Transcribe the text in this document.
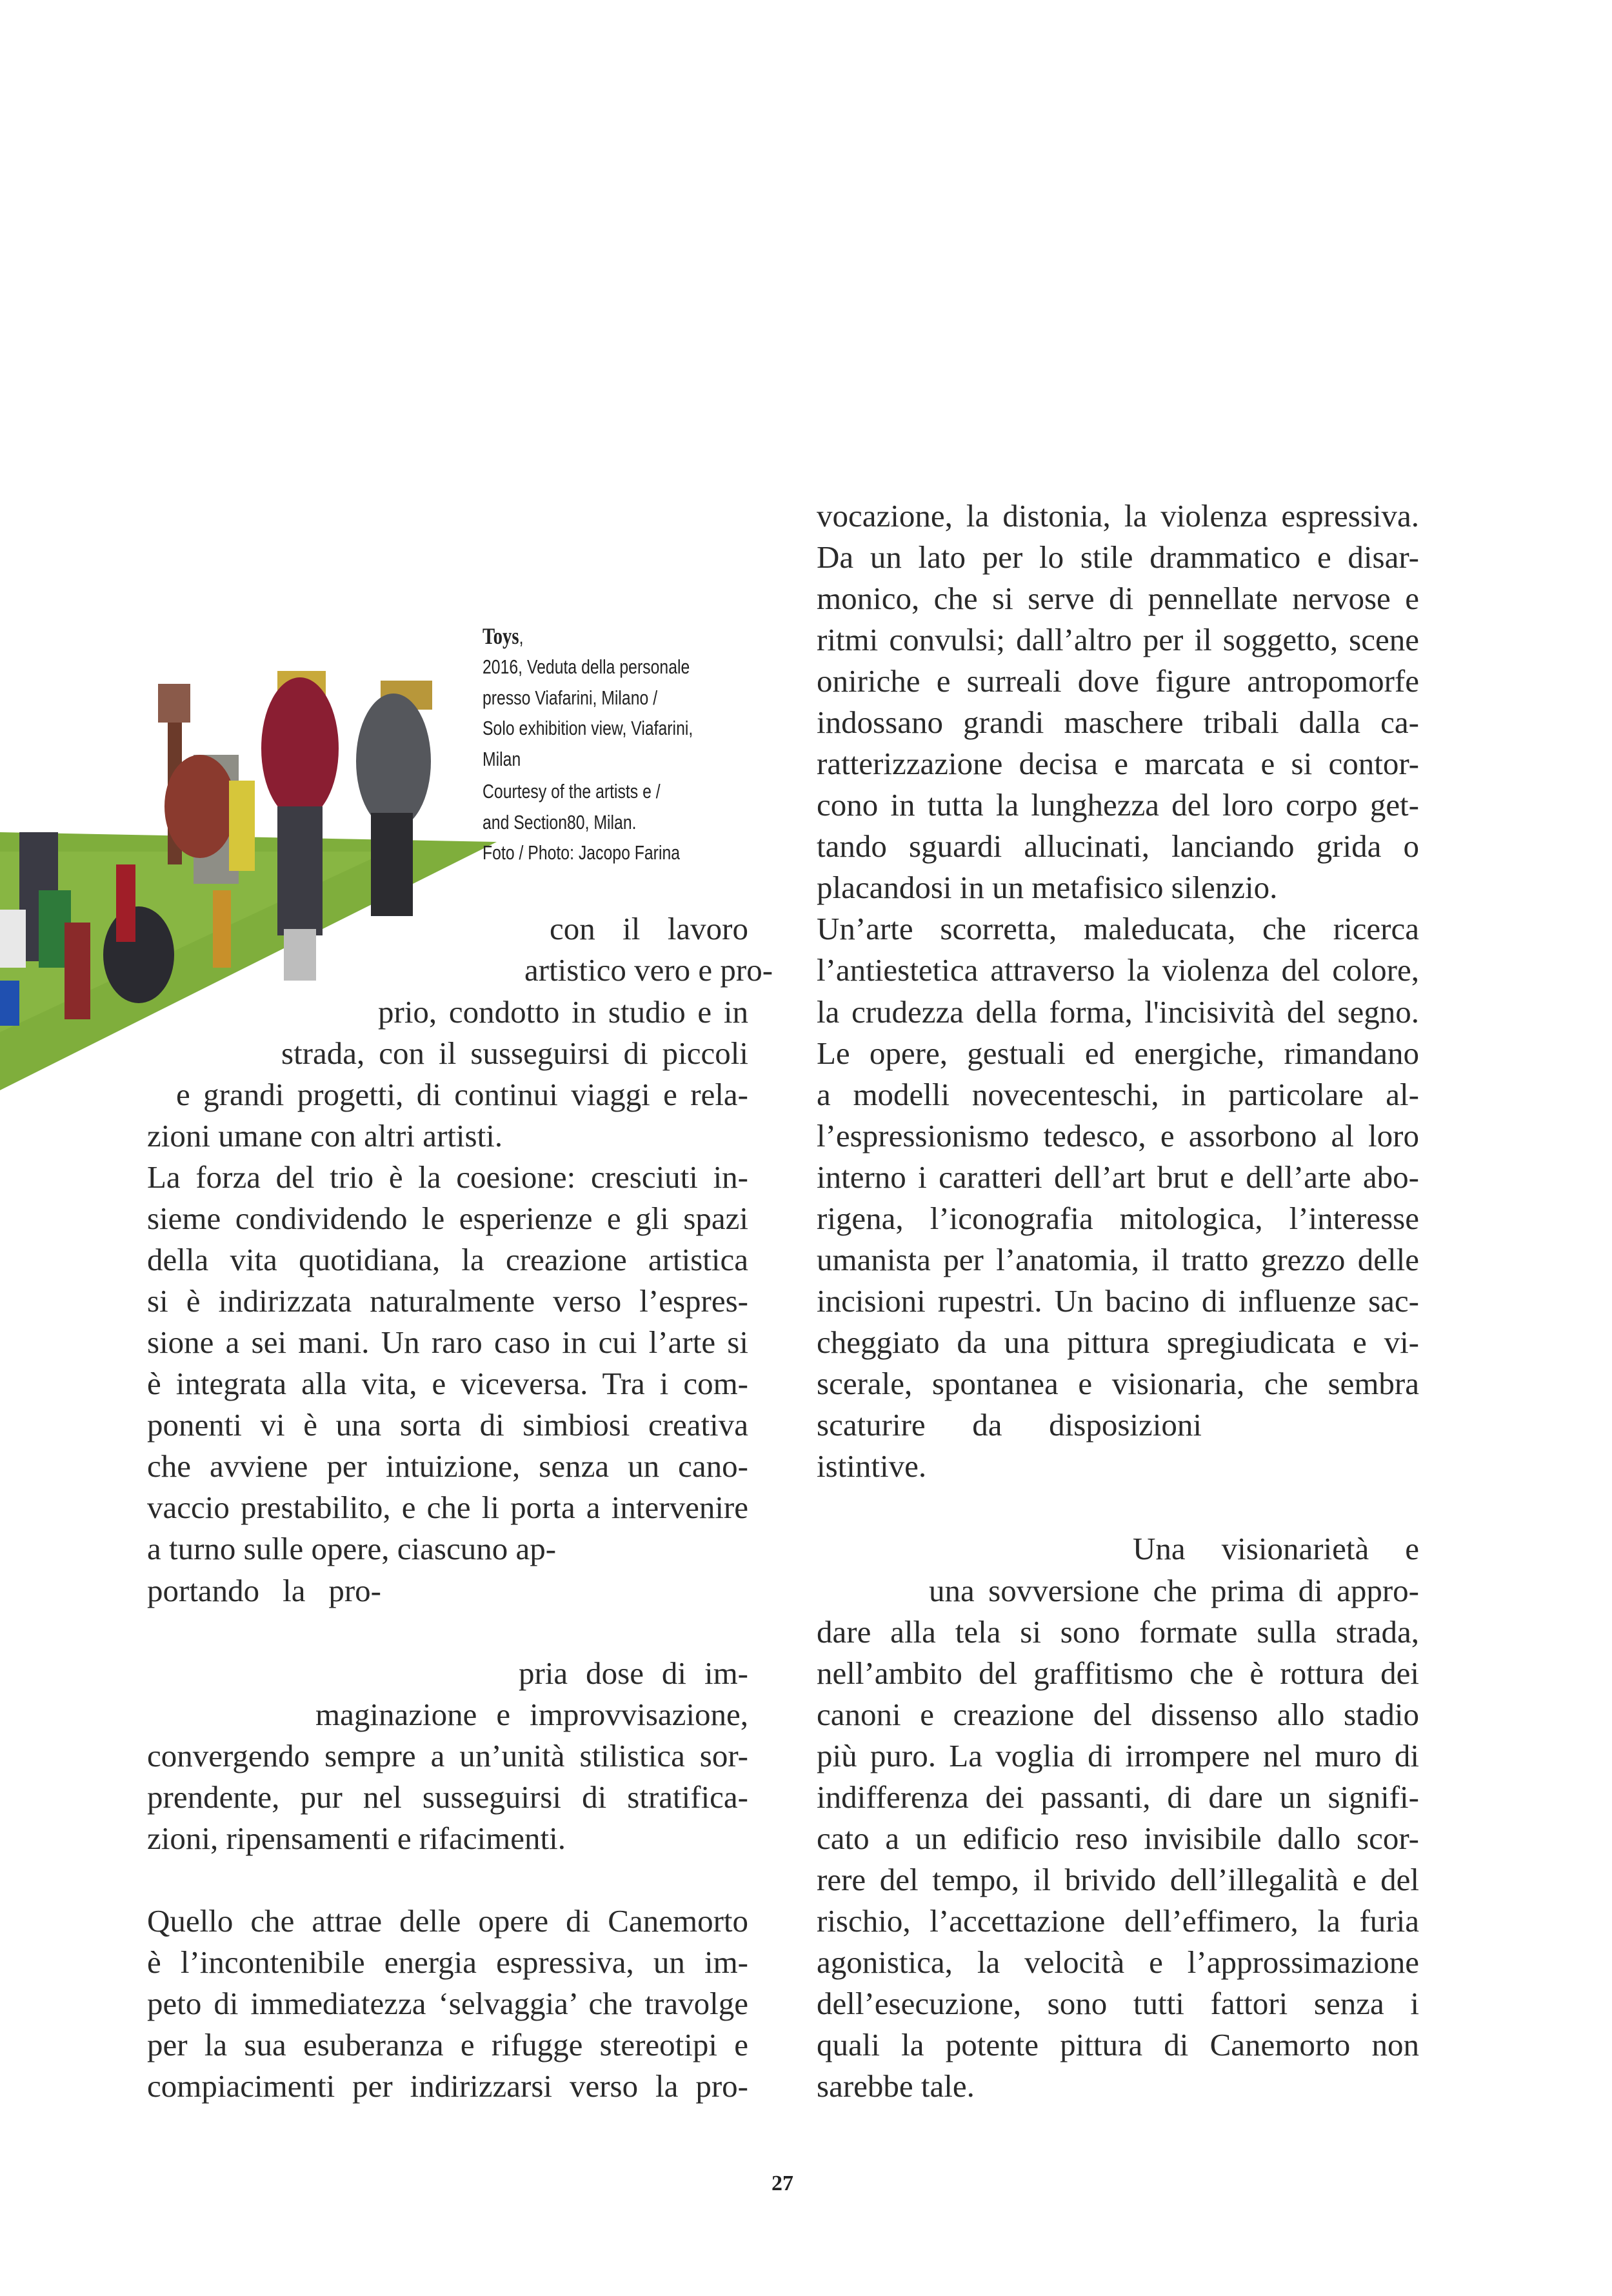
Toys,
2016, Veduta della personale
presso Viafarini, Milano /
Solo exhibition view, Viafarini,
Milan
Courtesy of the artists e /
and Section80, Milan.
Foto / Photo: Jacopo Farina
27
con il lavoro
artistico vero e pro-
prio, condotto in studio e in
strada, con il susseguirsi di piccoli
e grandi progetti, di continui viaggi e rela-
zioni umane con altri artisti.
La forza del trio è la coesione: cresciuti in-
sieme condividendo le esperienze e gli spazi
della vita quotidiana, la creazione artistica
si è indirizzata naturalmente verso l’espres-
sione a sei mani. Un raro caso in cui l’arte si
è integrata alla vita, e viceversa. Tra i com-
ponenti vi è una sorta di simbiosi creativa
che avviene per intuizione, senza un cano-
vaccio prestabilito, e che li porta a intervenire
a turno sulle opere, ciascuno ap-
portando la pro-
pria dose di im-
maginazione e improvvisazione,
convergendo sempre a un’unità stilistica sor-
prendente, pur nel susseguirsi di stratifica-
zioni, ripensamenti e rifacimenti.
Quello che attrae delle opere di Canemorto
è l’incontenibile energia espressiva, un im-
peto di immediatezza ‘selvaggia’ che travolge
per la sua esuberanza e rifugge stereotipi e
compiacimenti per indirizzarsi verso la pro-
vocazione, la distonia, la violenza espressiva.
Da un lato per lo stile drammatico e disar-
monico, che si serve di pennellate nervose e
ritmi convulsi; dall’altro per il soggetto, scene
oniriche e surreali dove figure antropomorfe
indossano grandi maschere tribali dalla ca-
ratterizzazione decisa e marcata e si contor-
cono in tutta la lunghezza del loro corpo get-
tando sguardi allucinati, lanciando grida o
placandosi in un metafisico silenzio.
Un’arte scorretta, maleducata, che ricerca
l’antiestetica attraverso la violenza del colore,
la crudezza della forma, l'incisività del segno.
Le opere, gestuali ed energiche, rimandano
a modelli novecenteschi, in particolare al-
l’espressionismo tedesco, e assorbono al loro
interno i caratteri dell’art brut e dell’arte abo-
rigena, l’iconografia mitologica, l’interesse
umanista per l’anatomia, il tratto grezzo delle
incisioni rupestri. Un bacino di influenze sac-
cheggiato da una pittura spregiudicata e vi-
scerale, spontanea e visionaria, che sembra
scaturire da disposizioni
istintive.
Una visionarietà e
una sovversione che prima di appro-
dare alla tela si sono formate sulla strada,
nell’ambito del graffitismo che è rottura dei
canoni e creazione del dissenso allo stadio
più puro. La voglia di irrompere nel muro di
indifferenza dei passanti, di dare un signifi-
cato a un edificio reso invisibile dallo scor-
rere del tempo, il brivido dell’illegalità e del
rischio, l’accettazione dell’effimero, la furia
agonistica, la velocità e l’approssimazione
dell’esecuzione, sono tutti fattori senza i
quali la potente pittura di Canemorto non
sarebbe tale.
